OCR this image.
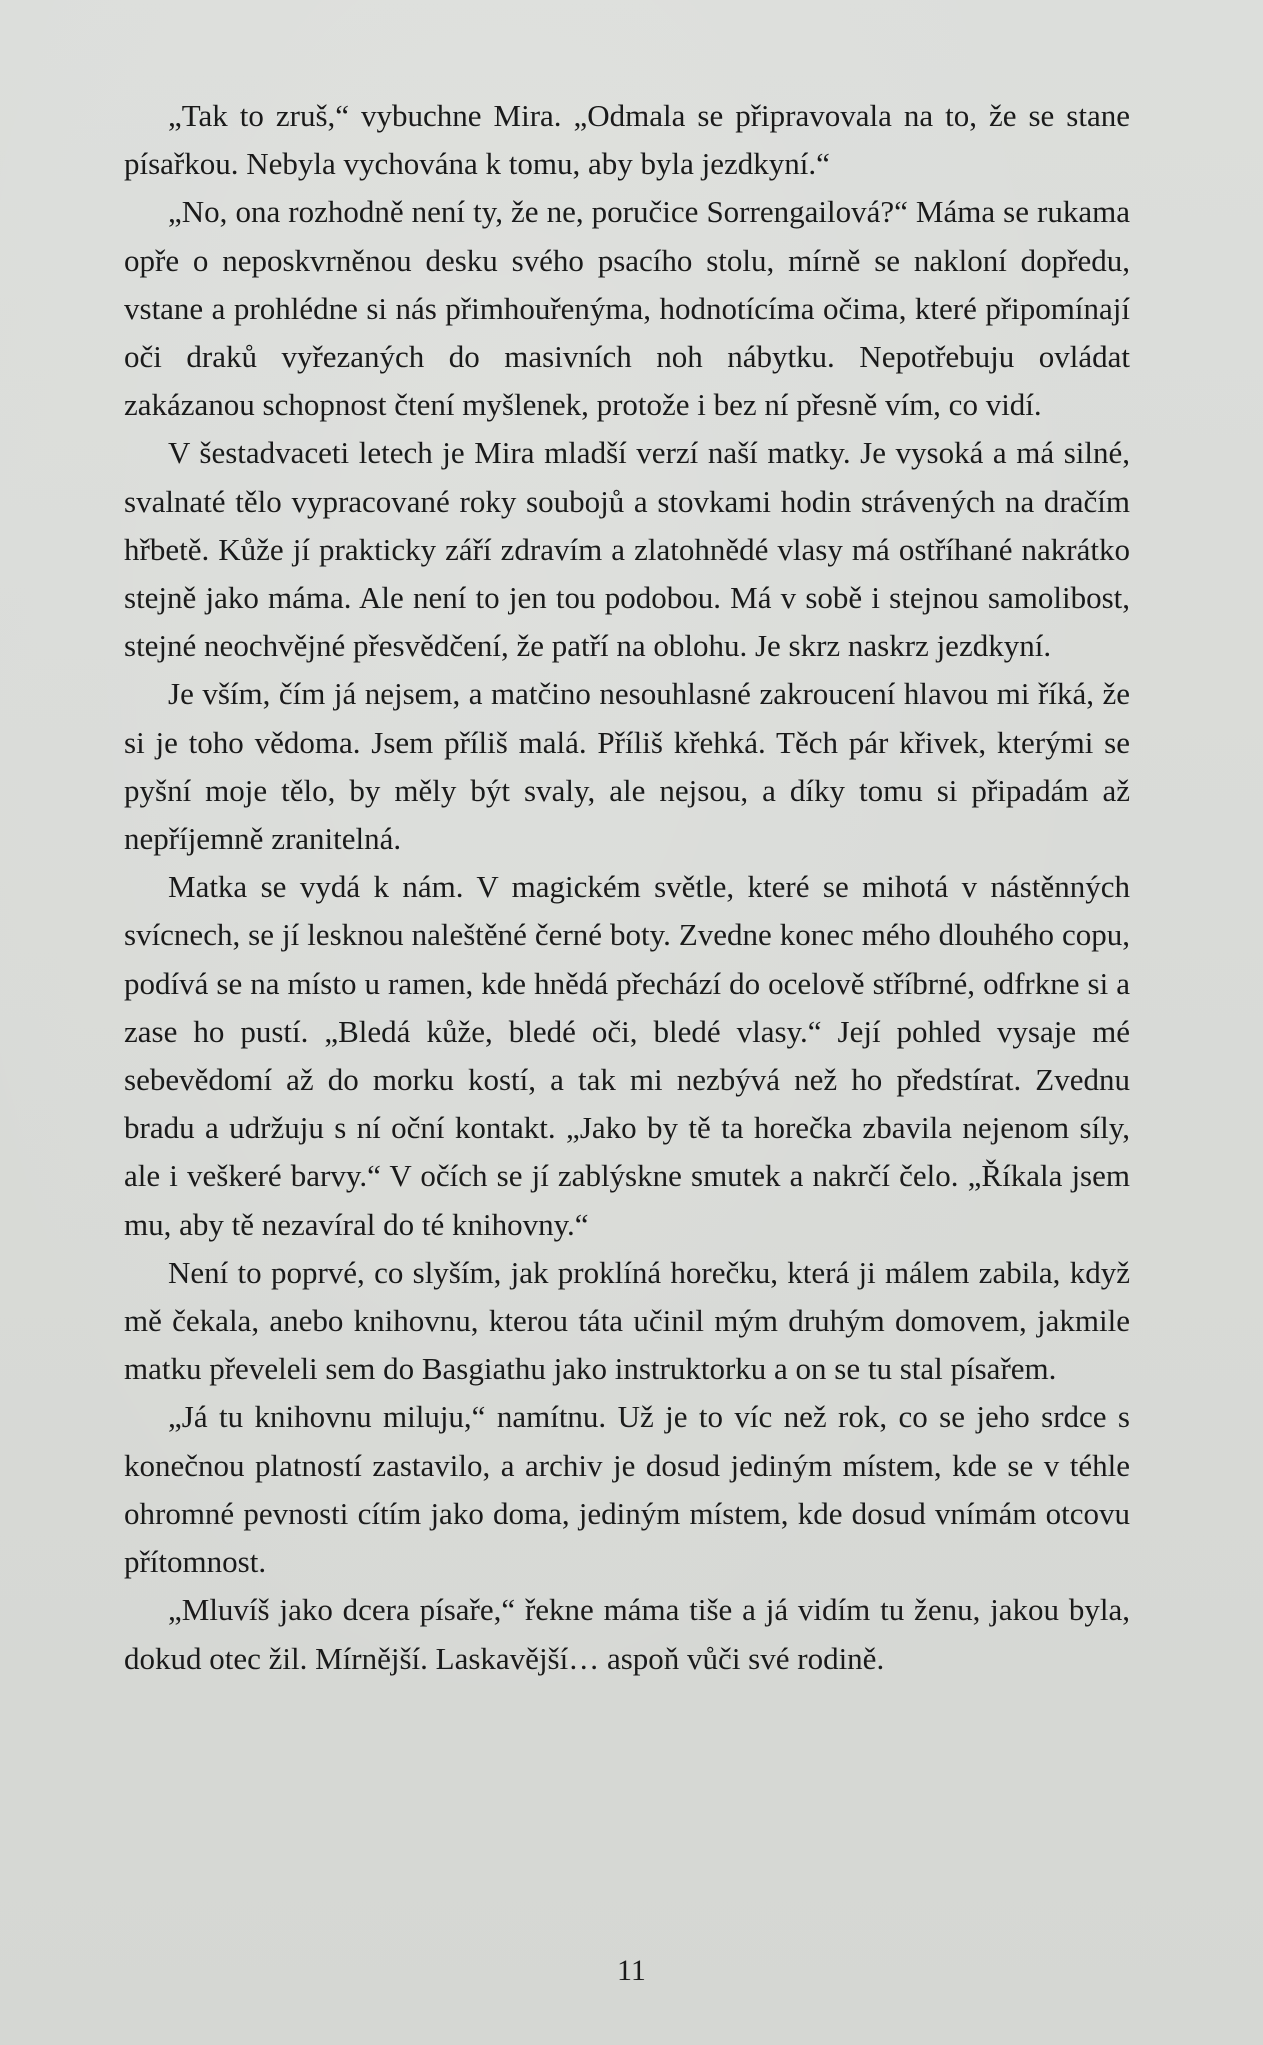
„Tak to zruš,“ vybuchne Mira. „Odmala se připravovala na to, že se stane písařkou. Nebyla vychována k tomu, aby byla jezdkyní.“

„No, ona rozhodně není ty, že ne, poručice Sorrengailová?“ Máma se rukama opře o neposkvrněnou desku svého psacího stolu, mírně se nakloní dopředu, vstane a prohlédne si nás přimhouřenýma, hodnotícíma očima, které připomínají oči draků vyřezaných do masivních noh nábytku. Nepotřebuju ovládat zakázanou schopnost čtení myšlenek, protože i bez ní přesně vím, co vidí.

V šestadvaceti letech je Mira mladší verzí naší matky. Je vysoká a má silné, svalnaté tělo vypracované roky soubojů a stovkami hodin strávených na dračím hřbetě. Kůže jí prakticky září zdravím a zlatohnědé vlasy má ostříhané nakrátko stejně jako máma. Ale není to jen tou podobou. Má v sobě i stejnou samolibost, stejné neochvějné přesvědčení, že patří na oblohu. Je skrz naskrz jezdkyní.

Je vším, čím já nejsem, a matčino nesouhlasné zakroucení hlavou mi říká, že si je toho vědoma. Jsem příliš malá. Příliš křehká. Těch pár křivek, kterými se pyšní moje tělo, by měly být svaly, ale nejsou, a díky tomu si připadám až nepříjemně zranitelná.

Matka se vydá k nám. V magickém světle, které se mihotá v nástěnných svícnech, se jí lesknou naleštěné černé boty. Zvedne konec mého dlouhého copu, podívá se na místo u ramen, kde hnědá přechází do ocelově stříbrné, odfrkne si a zase ho pustí. „Bledá kůže, bledé oči, bledé vlasy.“ Její pohled vysaje mé sebevědomí až do morku kostí, a tak mi nezbývá než ho předstírat. Zvednu bradu a udržuju s ní oční kontakt. „Jako by tě ta horečka zbavila nejenom síly, ale i veškeré barvy.“ V očích se jí zablýskne smutek a nakrčí čelo. „Říkala jsem mu, aby tě nezavíral do té knihovny.“

Není to poprvé, co slyším, jak proklíná horečku, která ji málem zabila, když mě čekala, anebo knihovnu, kterou táta učinil mým druhým domovem, jakmile matku převeleli sem do Basgiathu jako instruktorku a on se tu stal písařem.

„Já tu knihovnu miluju,“ namítnu. Už je to víc než rok, co se jeho srdce s konečnou platností zastavilo, a archiv je dosud jediným místem, kde se v téhle ohromné pevnosti cítím jako doma, jediným místem, kde dosud vnímám otcovu přítomnost.

„Mluvíš jako dcera písaře,“ řekne máma tiše a já vidím tu ženu, jakou byla, dokud otec žil. Mírnější. Laskavější… aspoň vůči své rodině.

11
